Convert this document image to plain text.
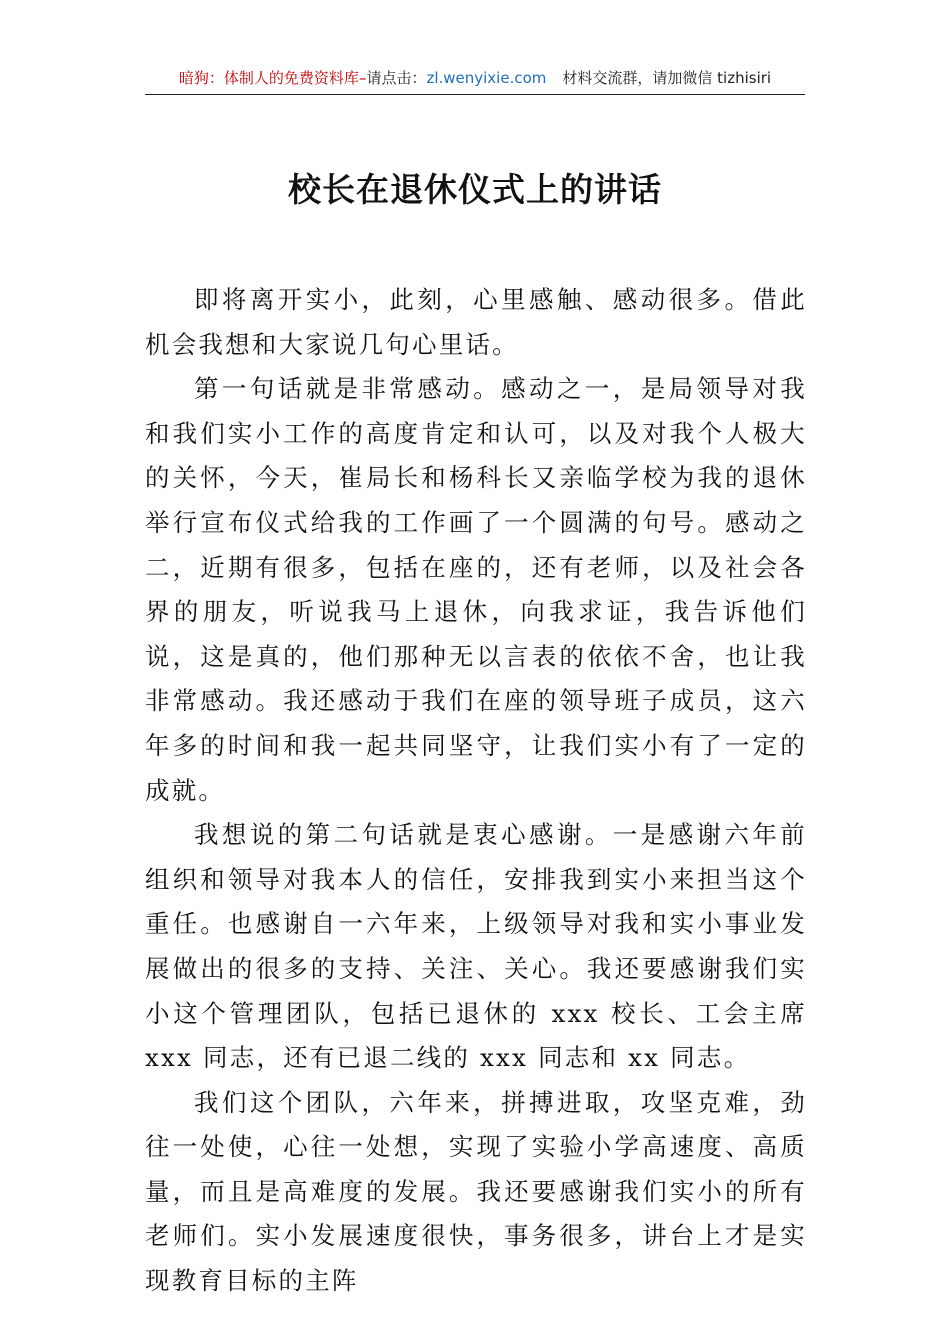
暗狗：体制人的免费资料库–请点击：zl.wenyixie.com 材料交流群，请加微信 tizhisiri
校长在退休仪式上的讲话

即将离开实小，此刻，心里感触、感动很多。借此机会我想和大家说几句心里话。

第一句话就是非常感动。感动之一，是局领导对我和我们实小工作的高度肯定和认可，以及对我个人极大的关怀，今天，崔局长和杨科长又亲临学校为我的退休举行宣布仪式给我的工作画了一个圆满的句号。感动之二，近期有很多，包括在座的，还有老师，以及社会各界的朋友，听说我马上退休，向我求证，我告诉他们说，这是真的，他们那种无以言表的依依不舍，也让我非常感动。我还感动于我们在座的领导班子成员，这六年多的时间和我一起共同坚守，让我们实小有了一定的成就。

我想说的第二句话就是衷心感谢。一是感谢六年前组织和领导对我本人的信任，安排我到实小来担当这个重任。也感谢自一六年来，上级领导对我和实小事业发展做出的很多的支持、关注、关心。我还要感谢我们实小这个管理团队，包括已退休的 xxx 校长、工会主席 xxx 同志，还有已退二线的 xxx 同志和 xx 同志。

我们这个团队，六年来，拼搏进取，攻坚克难，劲往一处使，心往一处想，实现了实验小学高速度、高质量，而且是高难度的发展。我还要感谢我们实小的所有老师们。实小发展速度很快，事务很多，讲台上才是实现教育目标的主阵
